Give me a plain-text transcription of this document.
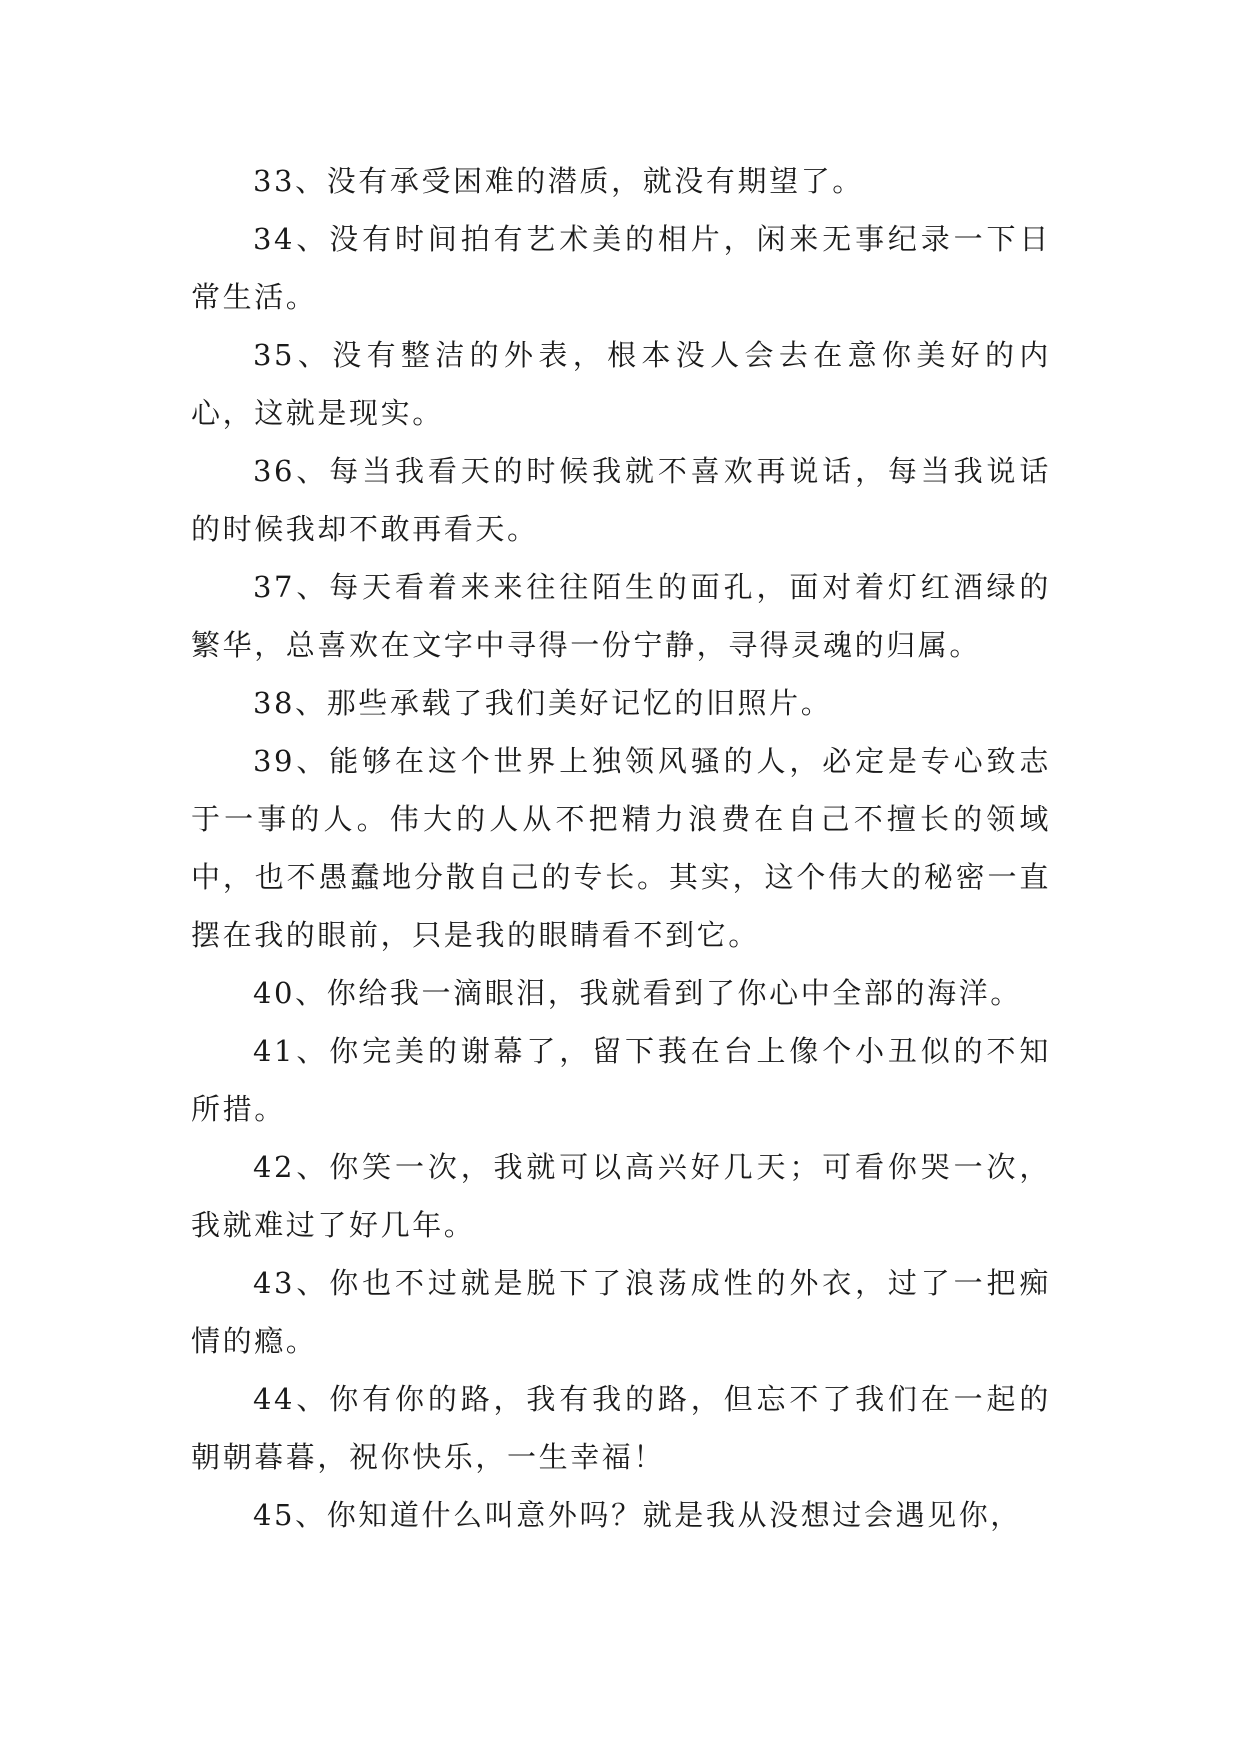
33、没有承受困难的潜质，就没有期望了。

34、没有时间拍有艺术美的相片，闲来无事纪录一下日常生活。

35、没有整洁的外表，根本没人会去在意你美好的内心，这就是现实。

36、每当我看天的时候我就不喜欢再说话，每当我说话的时候我却不敢再看天。

37、每天看着来来往往陌生的面孔，面对着灯红酒绿的繁华，总喜欢在文字中寻得一份宁静，寻得灵魂的归属。

38、那些承载了我们美好记忆的旧照片。

39、能够在这个世界上独领风骚的人，必定是专心致志于一事的人。伟大的人从不把精力浪费在自己不擅长的领域中，也不愚蠢地分散自己的专长。其实，这个伟大的秘密一直摆在我的眼前，只是我的眼睛看不到它。

40、你给我一滴眼泪，我就看到了你心中全部的海洋。

41、你完美的谢幕了，留下莪在台上像个小丑似的不知所措。

42、你笑一次，我就可以高兴好几天；可看你哭一次，我就难过了好几年。

43、你也不过就是脱下了浪荡成性的外衣，过了一把痴情的瘾。

44、你有你的路，我有我的路，但忘不了我们在一起的朝朝暮暮，祝你快乐，一生幸福！

45、你知道什么叫意外吗？就是我从没想过会遇见你，
